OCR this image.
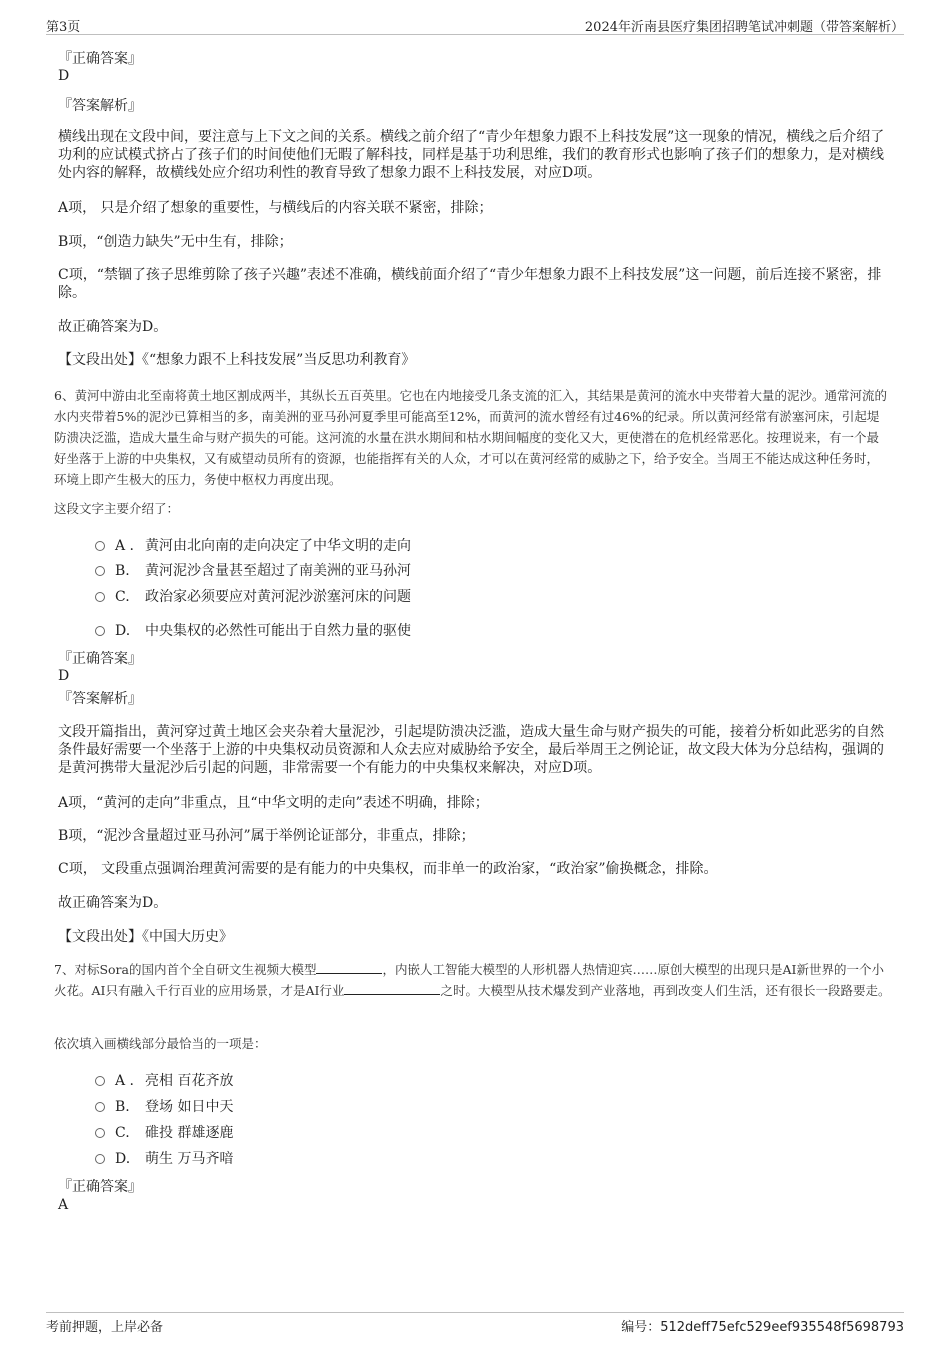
第3页	2024年沂南县医疗集团招聘笔试冲刺题（带答案解析）
『正确答案』
D
『答案解析』
横线出现在文段中间，要注意与上下文之间的关系。横线之前介绍了“青少年想象力跟不上科技发展”这一现象的情况，横线之后介绍了功利的应试模式挤占了孩子们的时间使他们无暇了解科技，同样是基于功利思维，我们的教育形式也影响了孩子们的想象力，是对横线处内容的解释，故横线处应介绍功利性的教育导致了想象力跟不上科技发展，对应D项。
A项， 只是介绍了想象的重要性，与横线后的内容关联不紧密，排除；
B项，“创造力缺失”无中生有，排除；
C项，“禁锢了孩子思维剪除了孩子兴趣”表述不准确，横线前面介绍了“青少年想象力跟不上科技发展”这一问题，前后连接不紧密，排除。
故正确答案为D。
【文段出处】《“想象力跟不上科技发展”当反思功利教育》
6、黄河中游由北至南将黄土地区割成两半，其纵长五百英里。它也在内地接受几条支流的汇入，其结果是黄河的流水中夹带着大量的泥沙。通常河流的水内夹带着5%的泥沙已算相当的多，南美洲的亚马孙河夏季里可能高至12%，而黄河的流水曾经有过46%的纪录。所以黄河经常有淤塞河床，引起堤防溃决泛滥，造成大量生命与财产损失的可能。这河流的水量在洪水期间和枯水期间幅度的变化又大，更使潜在的危机经常恶化。按理说来，有一个最好坐落于上游的中央集权，又有威望动员所有的资源，也能指挥有关的人众，才可以在黄河经常的威胁之下，给予安全。当周王不能达成这种任务时，环境上即产生极大的压力，务使中枢权力再度出现。
这段文字主要介绍了：
A . 黄河由北向南的走向决定了中华文明的走向
B. 黄河泥沙含量甚至超过了南美洲的亚马孙河
C. 政治家必须要应对黄河泥沙淤塞河床的问题
D. 中央集权的必然性可能出于自然力量的驱使
『正确答案』
D
『答案解析』
文段开篇指出，黄河穿过黄土地区会夹杂着大量泥沙，引起堤防溃决泛滥，造成大量生命与财产损失的可能，接着分析如此恶劣的自然条件最好需要一个坐落于上游的中央集权动员资源和人众去应对威胁给予安全，最后举周王之例论证，故文段大体为分总结构，强调的是黄河携带大量泥沙后引起的问题，非常需要一个有能力的中央集权来解决，对应D项。
A项，“黄河的走向”非重点，且“中华文明的走向”表述不明确，排除；
B项，“泥沙含量超过亚马孙河”属于举例论证部分，非重点，排除；
C项， 文段重点强调治理黄河需要的是有能力的中央集权，而非单一的政治家，“政治家”偷换概念，排除。
故正确答案为D。
【文段出处】《中国大历史》
7、对标Sora的国内首个全自研文生视频大模型	，内嵌人工智能大模型的人形机器人热情迎宾……原创大模型的出现只是AI新世界的一个小火花。AI只有融入千行百业的应用场景，才是AI行业	之时。大模型从技术爆发到产业落地，再到改变人们生活，还有很长一段路要走。
依次填入画横线部分最恰当的一项是：
A . 亮相 百花齐放
B. 登场 如日中天
C. 碓投 群雄逐鹿
D. 萌生 万马齐喑
『正确答案』
A
考前押题，上岸必备	编号：512deff75efc529eef935548f5698793
